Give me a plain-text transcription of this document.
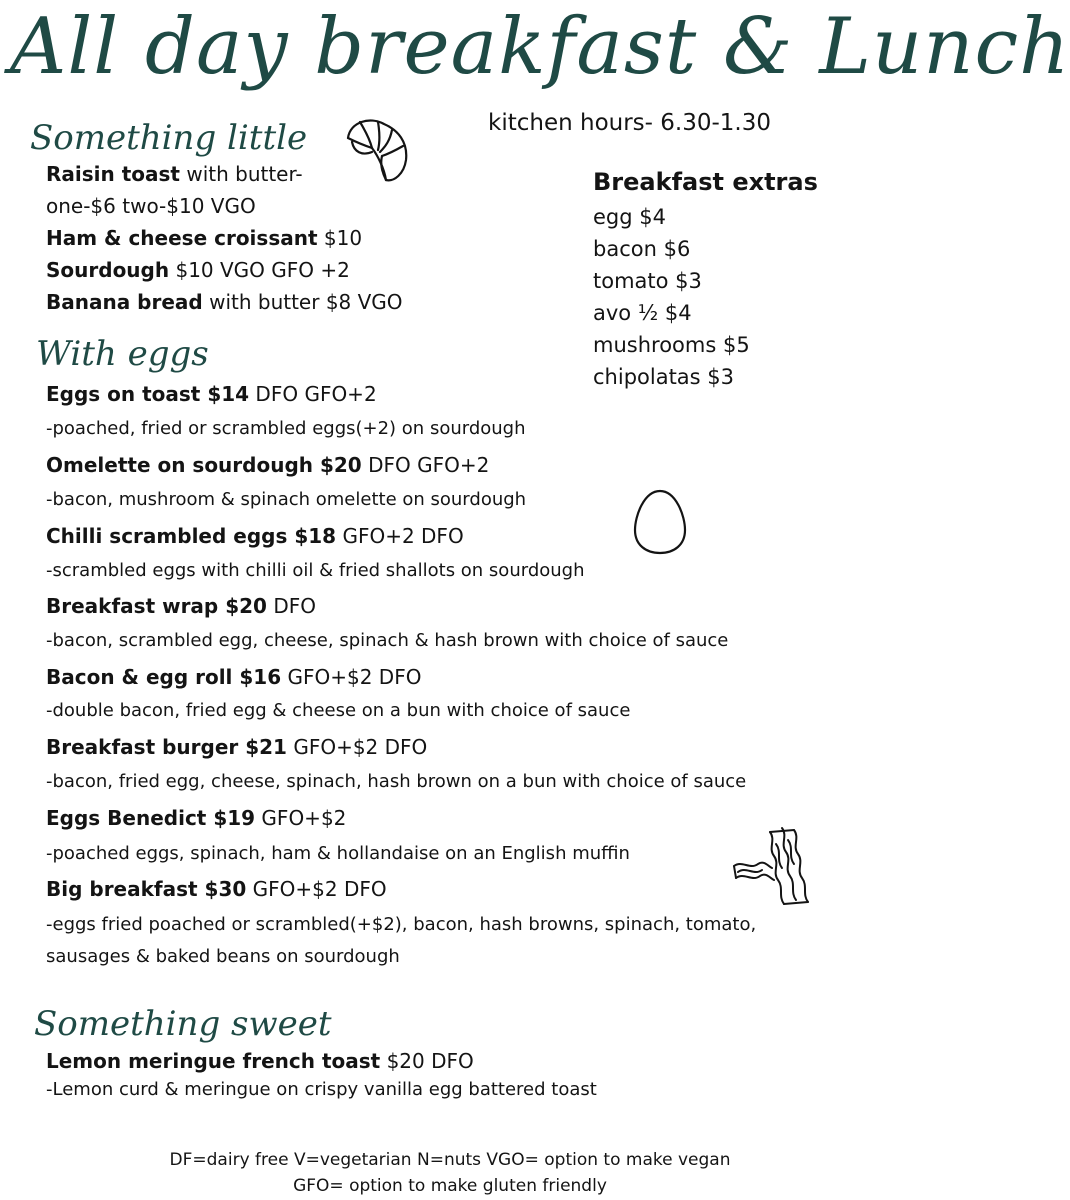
All day breakfast & Lunch
kitchen hours- 6.30-1.30
Something little
Raisin toast with butter-
one-$6 two-$10 VGO
Ham & cheese croissant $10
Sourdough $10 VGO GFO +2
Banana bread with butter $8 VGO
Breakfast extras
egg $4
bacon $6
tomato $3
avo ½ $4
mushrooms $5
chipolatas $3
With eggs
Eggs on toast $14 DFO GFO+2
-poached, fried or scrambled eggs(+2) on sourdough
Omelette on sourdough $20 DFO GFO+2
-bacon, mushroom & spinach omelette on sourdough
Chilli scrambled eggs $18 GFO+2 DFO
-scrambled eggs with chilli oil & fried shallots on sourdough
Breakfast wrap $20 DFO
-bacon, scrambled egg, cheese, spinach & hash brown with choice of sauce
Bacon & egg roll $16 GFO+$2 DFO
-double bacon, fried egg & cheese on a bun with choice of sauce
Breakfast burger $21 GFO+$2 DFO
-bacon, fried egg, cheese, spinach, hash brown on a bun with choice of sauce
Eggs Benedict $19 GFO+$2
-poached eggs, spinach, ham & hollandaise on an English muffin
Big breakfast $30 GFO+$2 DFO
-eggs fried poached or scrambled(+$2), bacon, hash browns, spinach, tomato,
sausages & baked beans on sourdough
Something sweet
Lemon meringue french toast $20 DFO
-Lemon curd & meringue on crispy vanilla egg battered toast
DF=dairy free V=vegetarian N=nuts VGO= option to make vegan
GFO= option to make gluten friendly
